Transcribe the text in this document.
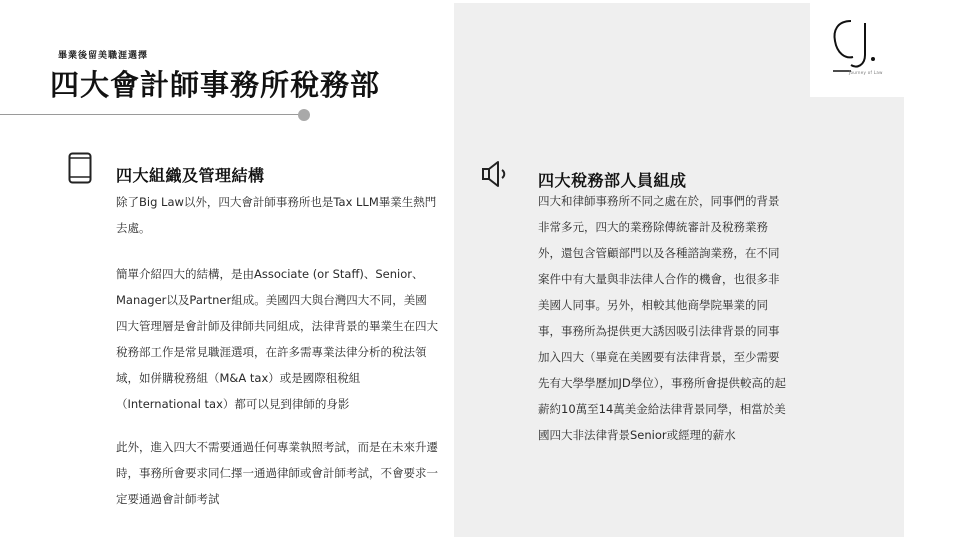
Journey of Law
畢業後留美職涯選擇
四大會計師事務所稅務部
四大組織及管理結構

除了Big Law以外，四大會計師事務所也是Tax LLM畢業生熱門去處。

簡單介紹四大的結構，是由Associate (or Staff)、Senior、 Manager以及Partner組成。美國四大與台灣四大不同，美國四大管理層是會計師及律師共同組成，法律背景的畢業生在四大稅務部工作是常見職涯選項，在許多需專業法律分析的稅法領域，如併購稅務組（M&A tax）或是國際租稅組（International tax）都可以見到律師的身影

此外，進入四大不需要通過任何專業執照考試，而是在未來升遷時，事務所會要求同仁擇一通過律師或會計師考試，不會要求一定要通過會計師考試

四大稅務部人員組成

四大和律師事務所不同之處在於，同事們的背景非常多元，四大的業務除傳統審計及稅務業務外，還包含管顧部門以及各種諮詢業務，在不同案件中有大量與非法律人合作的機會，也很多非美國人同事。另外，相較其他商學院畢業的同事，事務所為提供更大誘因吸引法律背景的同事加入四大（畢竟在美國要有法律背景，至少需要先有大學學歷加JD學位），事務所會提供較高的起薪約10萬至14萬美金給法律背景同學，相當於美國四大非法律背景Senior或經理的薪水
